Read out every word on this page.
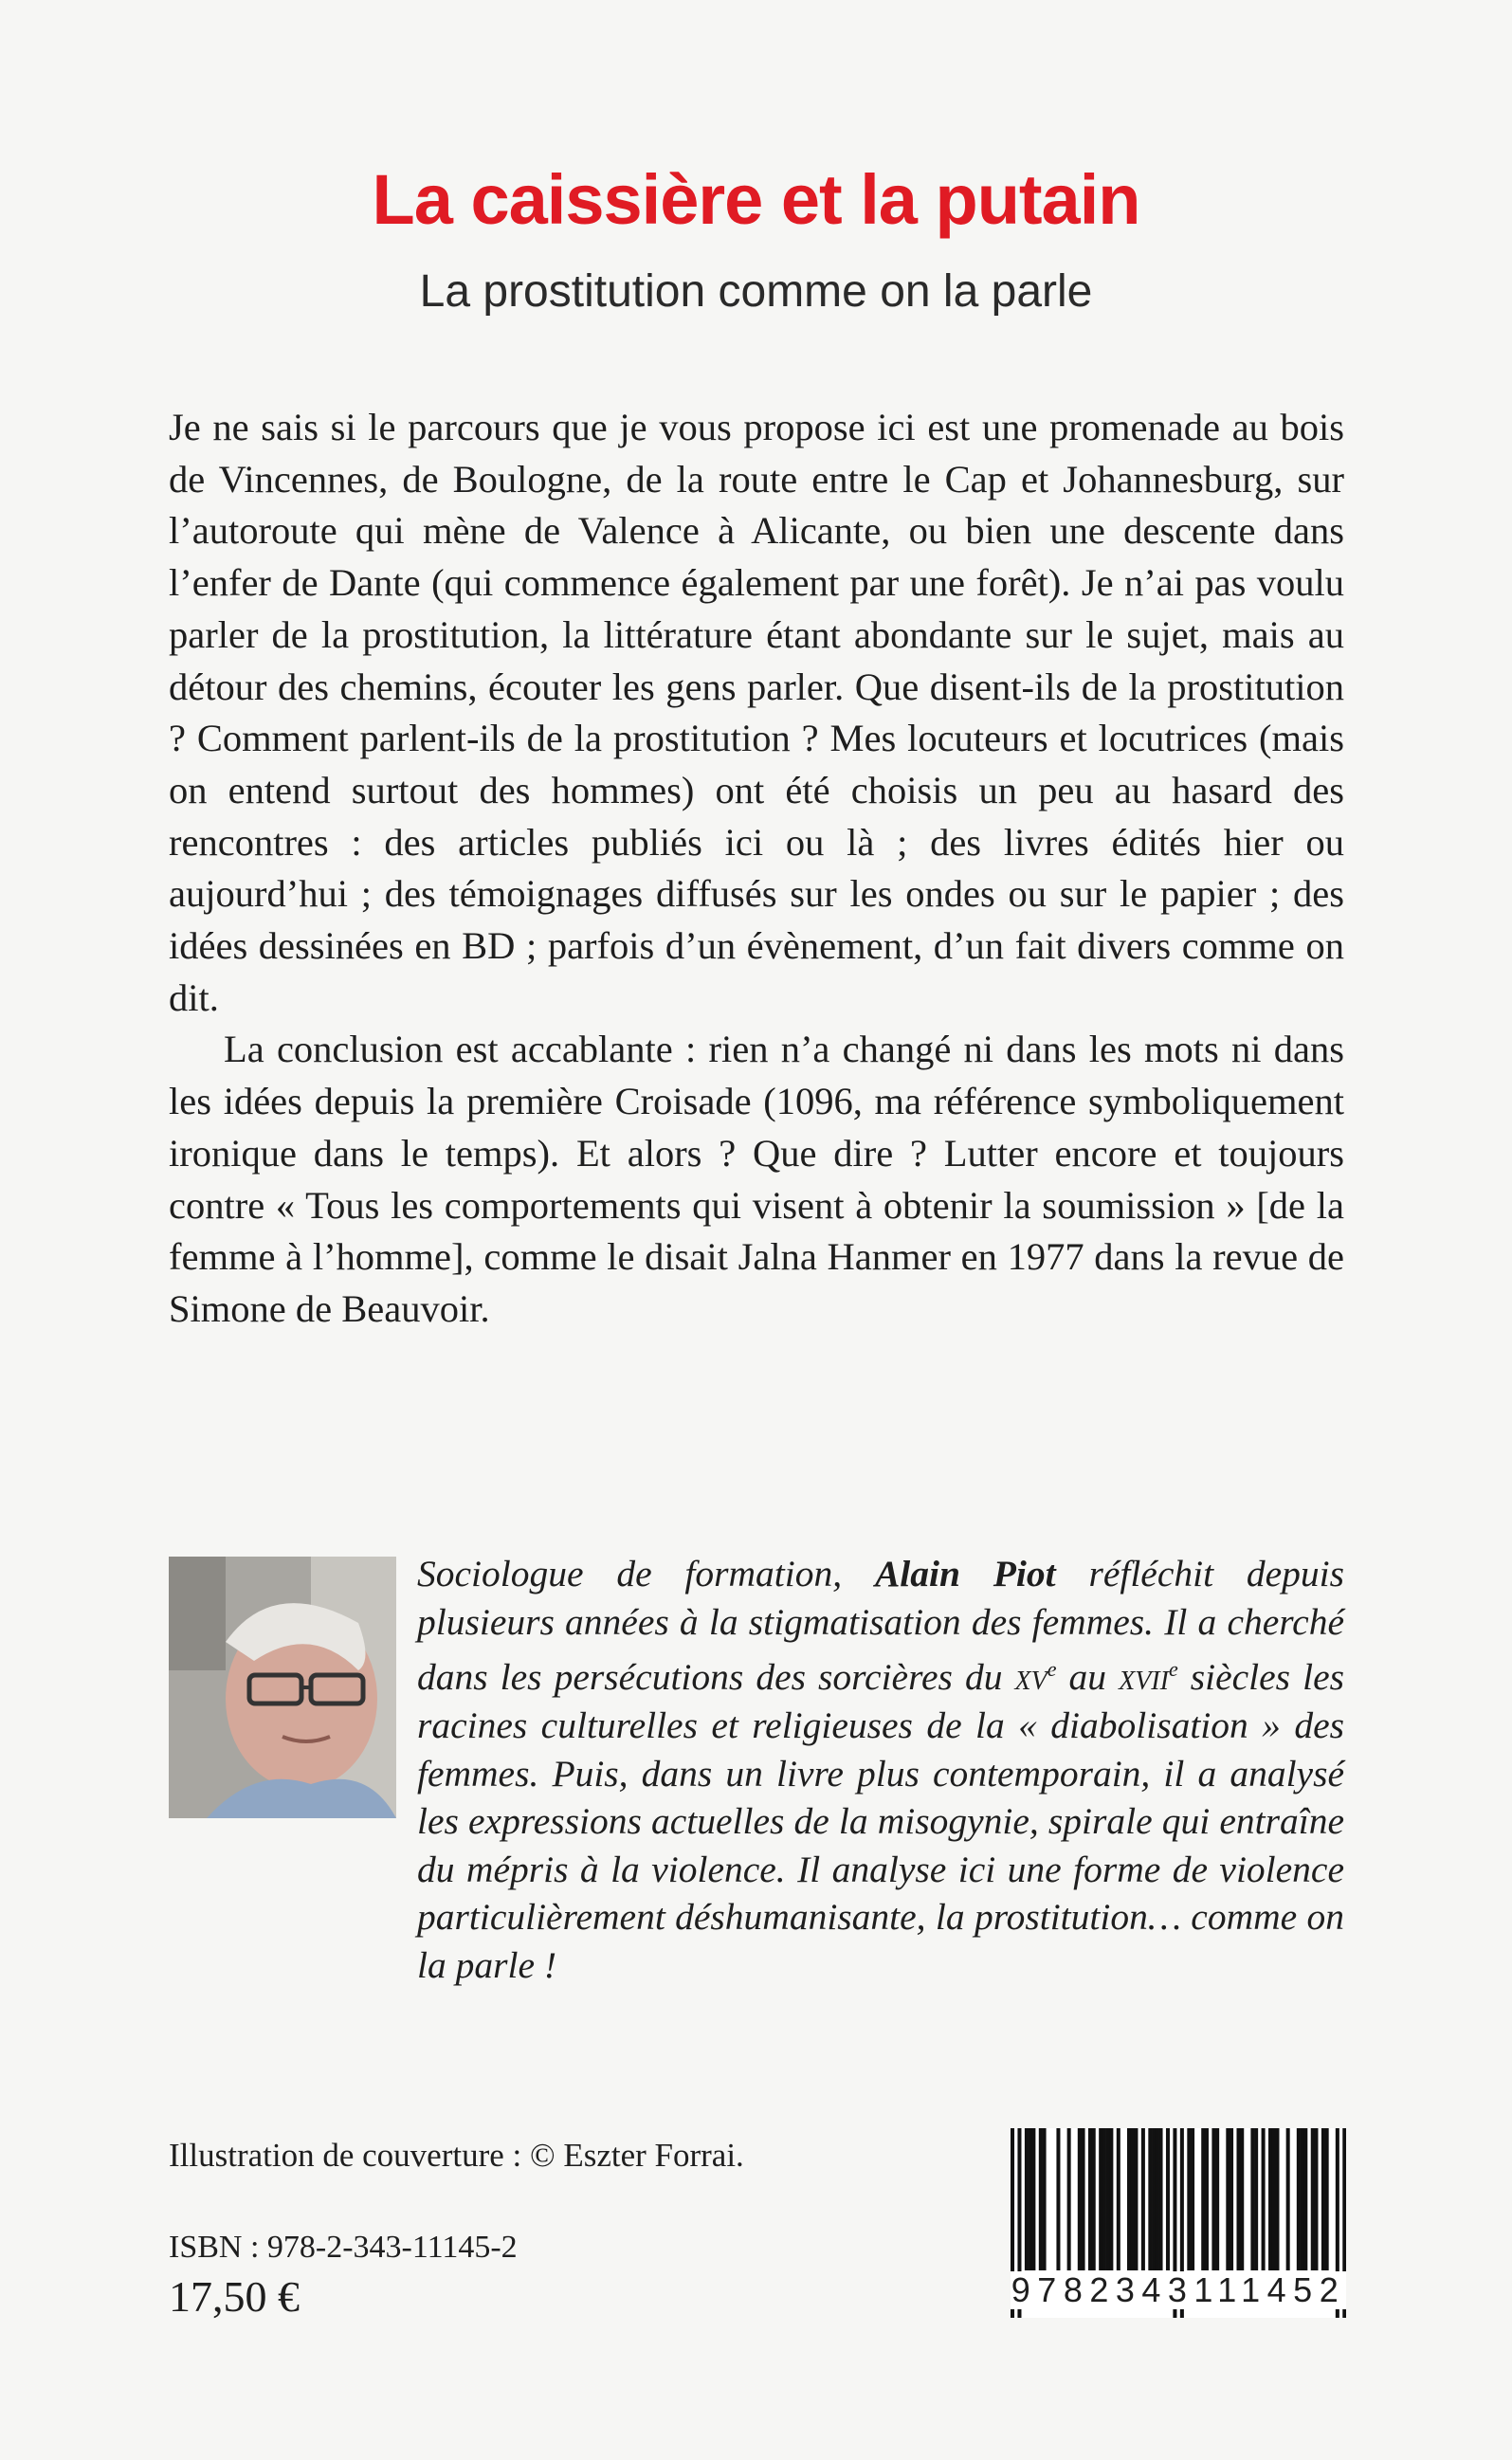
La caissière et la putain
La prostitution comme on la parle

Je ne sais si le parcours que je vous propose ici est une promenade au bois de Vincennes, de Boulogne, de la route entre le Cap et Johannesburg, sur l’autoroute qui mène de Valence à Alicante, ou bien une descente dans l’enfer de Dante (qui commence également par une forêt). Je n’ai pas voulu parler de la prostitution, la littérature étant abondante sur le sujet, mais au détour des chemins, écouter les gens parler. Que disent-ils de la prostitution ? Comment parlent-ils de la prostitution ? Mes locuteurs et locutrices (mais on entend surtout des hommes) ont été choisis un peu au hasard des rencontres : des articles publiés ici ou là ; des livres édités hier ou aujourd’hui ; des témoignages diffusés sur les ondes ou sur le papier ; des idées dessinées en BD ; parfois d’un évènement, d’un fait divers comme on dit.

La conclusion est accablante : rien n’a changé ni dans les mots ni dans les idées depuis la première Croisade (1096, ma référence symboliquement ironique dans le temps). Et alors ? Que dire ? Lutter encore et toujours contre « Tous les comportements qui visent à obtenir la soumission » [de la femme à l’homme], comme le disait Jalna Hanmer en 1977 dans la revue de Simone de Beauvoir.

Sociologue de formation, Alain Piot réfléchit depuis plusieurs années à la stigmatisation des femmes. Il a cherché dans les persécutions des sorcières du $xv^e$ au xvii$^e$ siècles les racines culturelles et religieuses de la « diabolisation » des femmes. Puis, dans un livre plus contemporain, il a analysé les expressions actuelles de la misogynie, spirale qui entraîne du mépris à la violence. Il analyse ici une forme de violence particulièrement déshumanisante, la prostitution… comme on la parle !
Illustration de couverture : © Eszter Forrai.
ISBN : 978-2-343-11145-2
17,50 €	9782343111452
